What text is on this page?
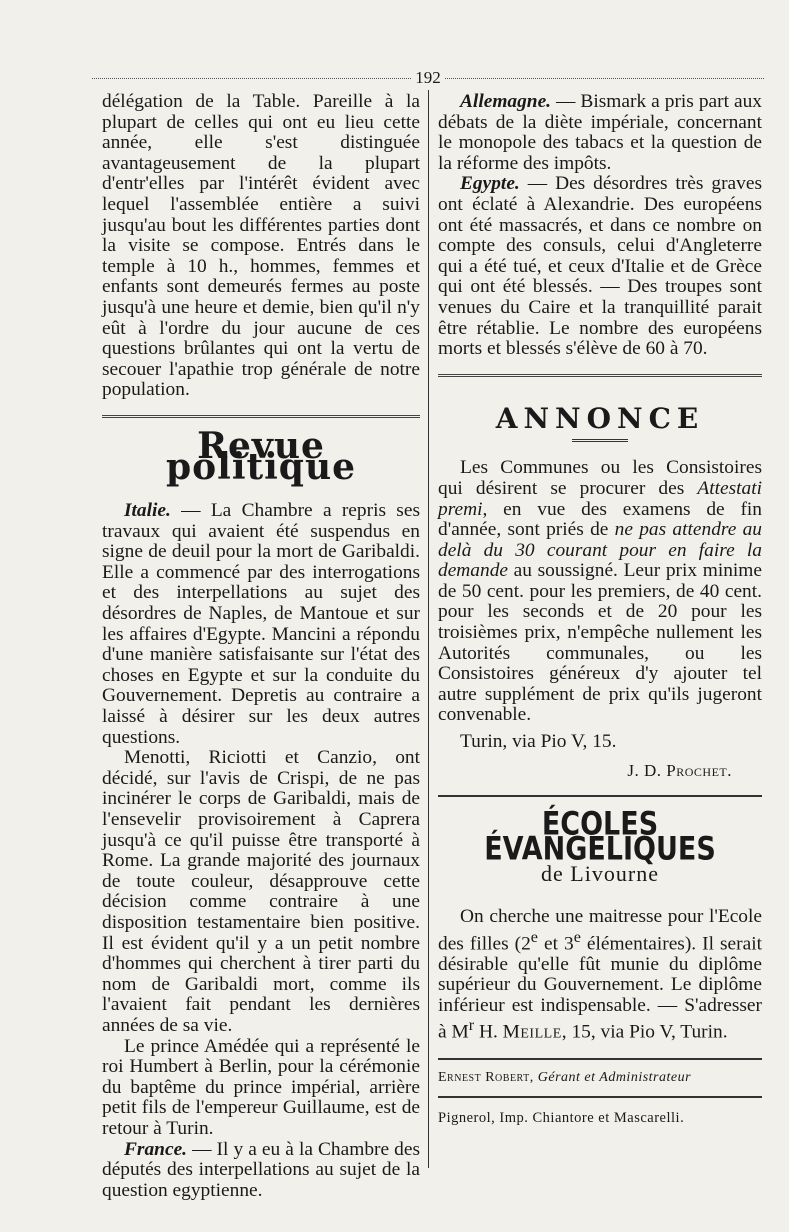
192

délégation de la Table. Pareille à la plupart de celles qui ont eu lieu cette année, elle s'est distinguée avantageusement de la plupart d'entr'elles par l'intérêt évident avec lequel l'assemblée entière a suivi jusqu'au bout les différentes parties dont la visite se compose. Entrés dans le temple à 10 h., hommes, femmes et enfants sont demeurés fermes au poste jusqu'à une heure et demie, bien qu'il n'y eût à l'ordre du jour aucune de ces questions brûlantes qui ont la vertu de secouer l'apathie trop générale de notre population.

Revue politique

Italie. — La Chambre a repris ses travaux qui avaient été suspendus en signe de deuil pour la mort de Garibaldi. Elle a commencé par des interrogations et des interpellations au sujet des désordres de Naples, de Mantoue et sur les affaires d'Egypte. Mancini a répondu d'une manière satisfaisante sur l'état des choses en Egypte et sur la conduite du Gouvernement. Depretis au contraire a laissé à désirer sur les deux autres questions.

Menotti, Riciotti et Canzio, ont décidé, sur l'avis de Crispi, de ne pas incinérer le corps de Garibaldi, mais de l'ensevelir provisoirement à Caprera jusqu'à ce qu'il puisse être transporté à Rome. La grande majorité des journaux de toute couleur, désapprouve cette décision comme contraire à une disposition testamentaire bien positive. Il est évident qu'il y a un petit nombre d'hommes qui cherchent à tirer parti du nom de Garibaldi mort, comme ils l'avaient fait pendant les dernières années de sa vie.

Le prince Amédée qui a représenté le roi Humbert à Berlin, pour la cérémonie du baptême du prince impérial, arrière petit fils de l'empereur Guillaume, est de retour à Turin.

France. — Il y a eu à la Chambre des députés des interpellations au sujet de la question egyptienne.

Allemagne. — Bismark a pris part aux débats de la diète impériale, concernant le monopole des tabacs et la question de la réforme des impôts.

Egypte. — Des désordres très graves ont éclaté à Alexandrie. Des européens ont été massacrés, et dans ce nombre on compte des consuls, celui d'Angleterre qui a été tué, et ceux d'Italie et de Grèce qui ont été blessés. — Des troupes sont venues du Caire et la tranquillité parait être rétablie. Le nombre des européens morts et blessés s'élève de 60 à 70.

ANNONCE

Les Communes ou les Consistoires qui désirent se procurer des Attestati premi, en vue des examens de fin d'année, sont priés de ne pas attendre au delà du 30 courant pour en faire la demande au soussigné. Leur prix minime de 50 cent. pour les premiers, de 40 cent. pour les seconds et de 20 pour les troisièmes prix, n'empêche nullement les Autorités communales, ou les Consistoires généreux d'y ajouter tel autre supplément de prix qu'ils jugeront convenable.

Turin, via Pio V, 15.

J. D. Prochet.

ÉCOLES ÉVANGÉLIQUES
de Livourne

On cherche une maitresse pour l'Ecole des filles (2e et 3e élémentaires). Il serait désirable qu'elle fût munie du diplôme supérieur du Gouvernement. Le diplôme inférieur est indispensable. — S'adresser à $M^r$ H. Meille, 15, via Pio V, Turin.

Ernest Robert, Gérant et Administrateur
Pignerol, Imp. Chiantore et Mascarelli.
